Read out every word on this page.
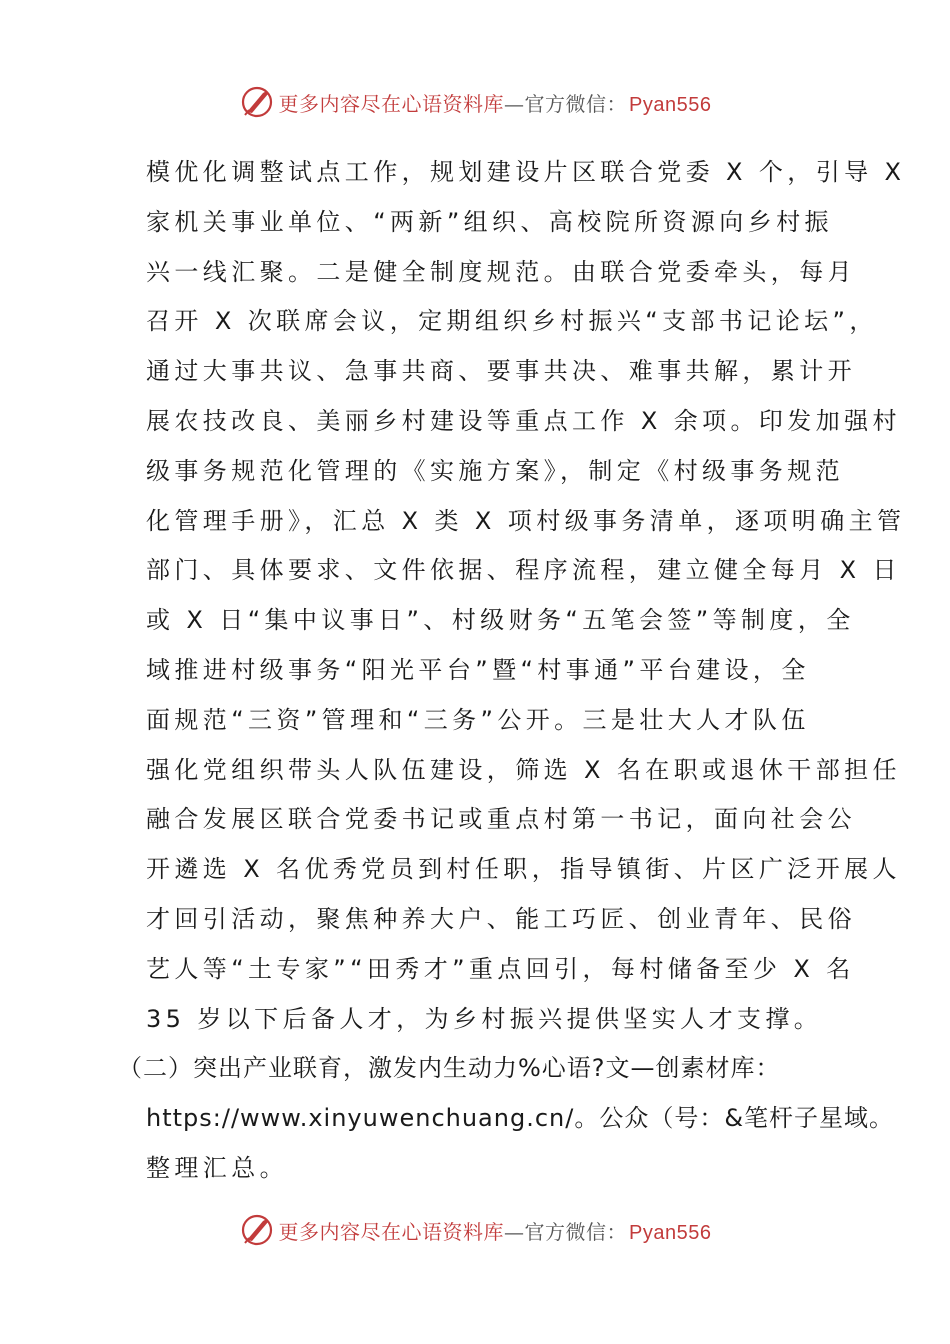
更多内容尽在心语资料库—官方微信： Pyan556
模优化调整试点工作，规划建设片区联合党委 X 个，引导 X
家机关事业单位、“两新”组织、高校院所资源向乡村振
兴一线汇聚。二是健全制度规范。由联合党委牵头，每月
召开 X 次联席会议，定期组织乡村振兴“支部书记论坛”，
通过大事共议、急事共商、要事共决、难事共解，累计开
展农技改良、美丽乡村建设等重点工作 X 余项。印发加强村
级事务规范化管理的《实施方案》，制定《村级事务规范
化管理手册》，汇总 X 类 X 项村级事务清单，逐项明确主管
部门、具体要求、文件依据、程序流程，建立健全每月 X 日
或 X 日“集中议事日”、村级财务“五笔会签”等制度，全
域推进村级事务“阳光平台”暨“村事通”平台建设，全
面规范“三资”管理和“三务”公开。三是壮大人才队伍
强化党组织带头人队伍建设，筛选 X 名在职或退休干部担任
融合发展区联合党委书记或重点村第一书记，面向社会公
开遴选 X 名优秀党员到村任职，指导镇街、片区广泛开展人
才回引活动，聚焦种养大户、能工巧匠、创业青年、民俗
艺人等“土专家”“田秀才”重点回引，每村储备至少 X 名
35 岁以下后备人才，为乡村振兴提供坚实人才支撑。
（二）突出产业联育，激发内生动力%心语?文—创素材库：
https://www.xinyuwenchuang.cn/。公众（号：&笔杆子星域。
整理汇总。
更多内容尽在心语资料库—官方微信： Pyan556
